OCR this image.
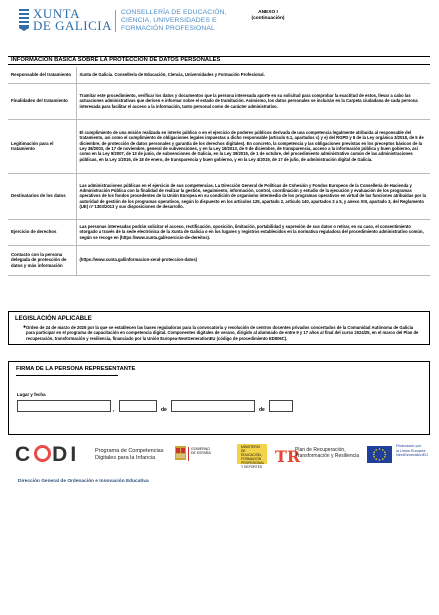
XUNTA
DE GALICIA
CONSELLERÍA DE EDUCACIÓN,
CIENCIA, UNIVERSIDADES E
FORMACIÓN PROFESIONAL
ANEXO I
(continuación)
INFORMACIÓN BÁSICA SOBRE LA PROTECCIÓN DE DATOS PERSONALES
Responsable del tratamiento	Xunta de Galicia. Consellería de Educación, Ciencia, Universidades y Formación Profesional.
Finalidades del tratamiento	Tramitar este procedimiento, verificar los datos y documentos que la persona interesada aporte en su solicitud para comprobar la exactitud de estos, llevar a cabo las actuaciones administrativas que deriven e informar sobre el estado de tramitación. Asimismo, los datos personales se incluirán en la Carpeta ciudadana de cada persona interesada para facilitar el acceso a la información, tanto personal como de carácter administrativo.
Legitimación para el tratamiento	El cumplimiento de una misión realizada en interés público o en el ejercicio de poderes públicos derivada de una competencia legalmente atribuida al responsable del tratamiento, así como el cumplimiento de obligaciones legales impuestas a dicho responsable (artículo 6.1, apartados c) y e) del RGPD y 8 de la Ley orgánica 3/2018, de 5 de diciembre, de protección de datos personales y garantía de los derechos digitales). En concreto, la competencia y las obligaciones previstas en los preceptos básicos de la Ley 38/2003, de 17 de noviembre, general de subvenciones, y en la Ley 19/2013, de 9 de diciembre, de transparencia, acceso a la información pública y buen gobierno, así como en la Ley 9/2007, de 13 de junio, de subvenciones de Galicia, en la Ley 39/2015, de 1 de octubre, del procedimiento administrativo común de las administraciones públicas, en la Ley 1/2016, de 18 de enero, de transparencia y buen gobierno, y en la Ley 4/2019, de 17 de julio, de administración digital de Galicia.
Destinatarios de los datos	Las administraciones públicas en el ejercicio de sus competencias. La Dirección General de Políticas de Cohesión y Fondos Europeos de la Consellería de Hacienda y Administración Pública con la finalidad de realizar la gestión, seguimiento, información, control, coordinación y estudio de la ejecución y evaluación de los programas operativos de los fondos procedentes de la Unión Europea en su condición de organismo intermedio de los programas operativos en virtud de las funciones atribuidas por la autoridad de gestión de los programas operativos, según lo dispuesto en los artículos 125, apartado 2, artículo 140, apartados 3 a 5, y anexo XIII, apartado 3, del Reglamento (UE) nº 1303/2013 y sus disposiciones de desarrollo.
Ejercicio de derechos	Las personas interesadas podrán solicitar el acceso, rectificación, oposición, limitación, portabilidad y supresión de sus datos o retirar, en su caso, el consentimiento otorgado a través de la sede electrónica de la Xunta de Galicia o en los lugares y registros establecidos en la normativa reguladora del procedimiento administrativo común, según se recoge en (https://www.xunta.gal/exercicio-de-dereitos).
Contacto con la persona delegada de protección de datos y más información	(https://www.xunta.gal/informacion-xeral-proteccion-datos)
LEGISLACIÓN APLICABLE
● Orden de 24 de marzo de 2025 por la que se establecen las bases reguladoras para la convocatoria y resolución de centros docentes privados concertados de la Comunidad Autónoma de Galicia para participar en el programa de capacitación en competencia digital. Componentes digitales de verano, dirigido al alumnado de entre 9 y 17 años al final del curso 2024/25, en el marco del Plan de recuperación, transformación y resiliencia, financiado por la Unión Europea-NextGenerationEU (código de procedimiento ED506C).
FIRMA DE LA PERSONA REPRESENTANTE
Lugar y fecha
,	de	de
C DI	Programa de Competencias
Digitales para la Infancia
GOBIERNO
DE ESPAÑA
MINISTERIO
DE EDUCACIÓN,
FORMACIÓN PROFESIONAL
Y DEPORTES
TR
Plan de Recuperación,
Transformación y Resiliencia
Financiado por
la Unión Europea
NextGenerationEU
Dirección General de Ordenación e Innovación Educativa
